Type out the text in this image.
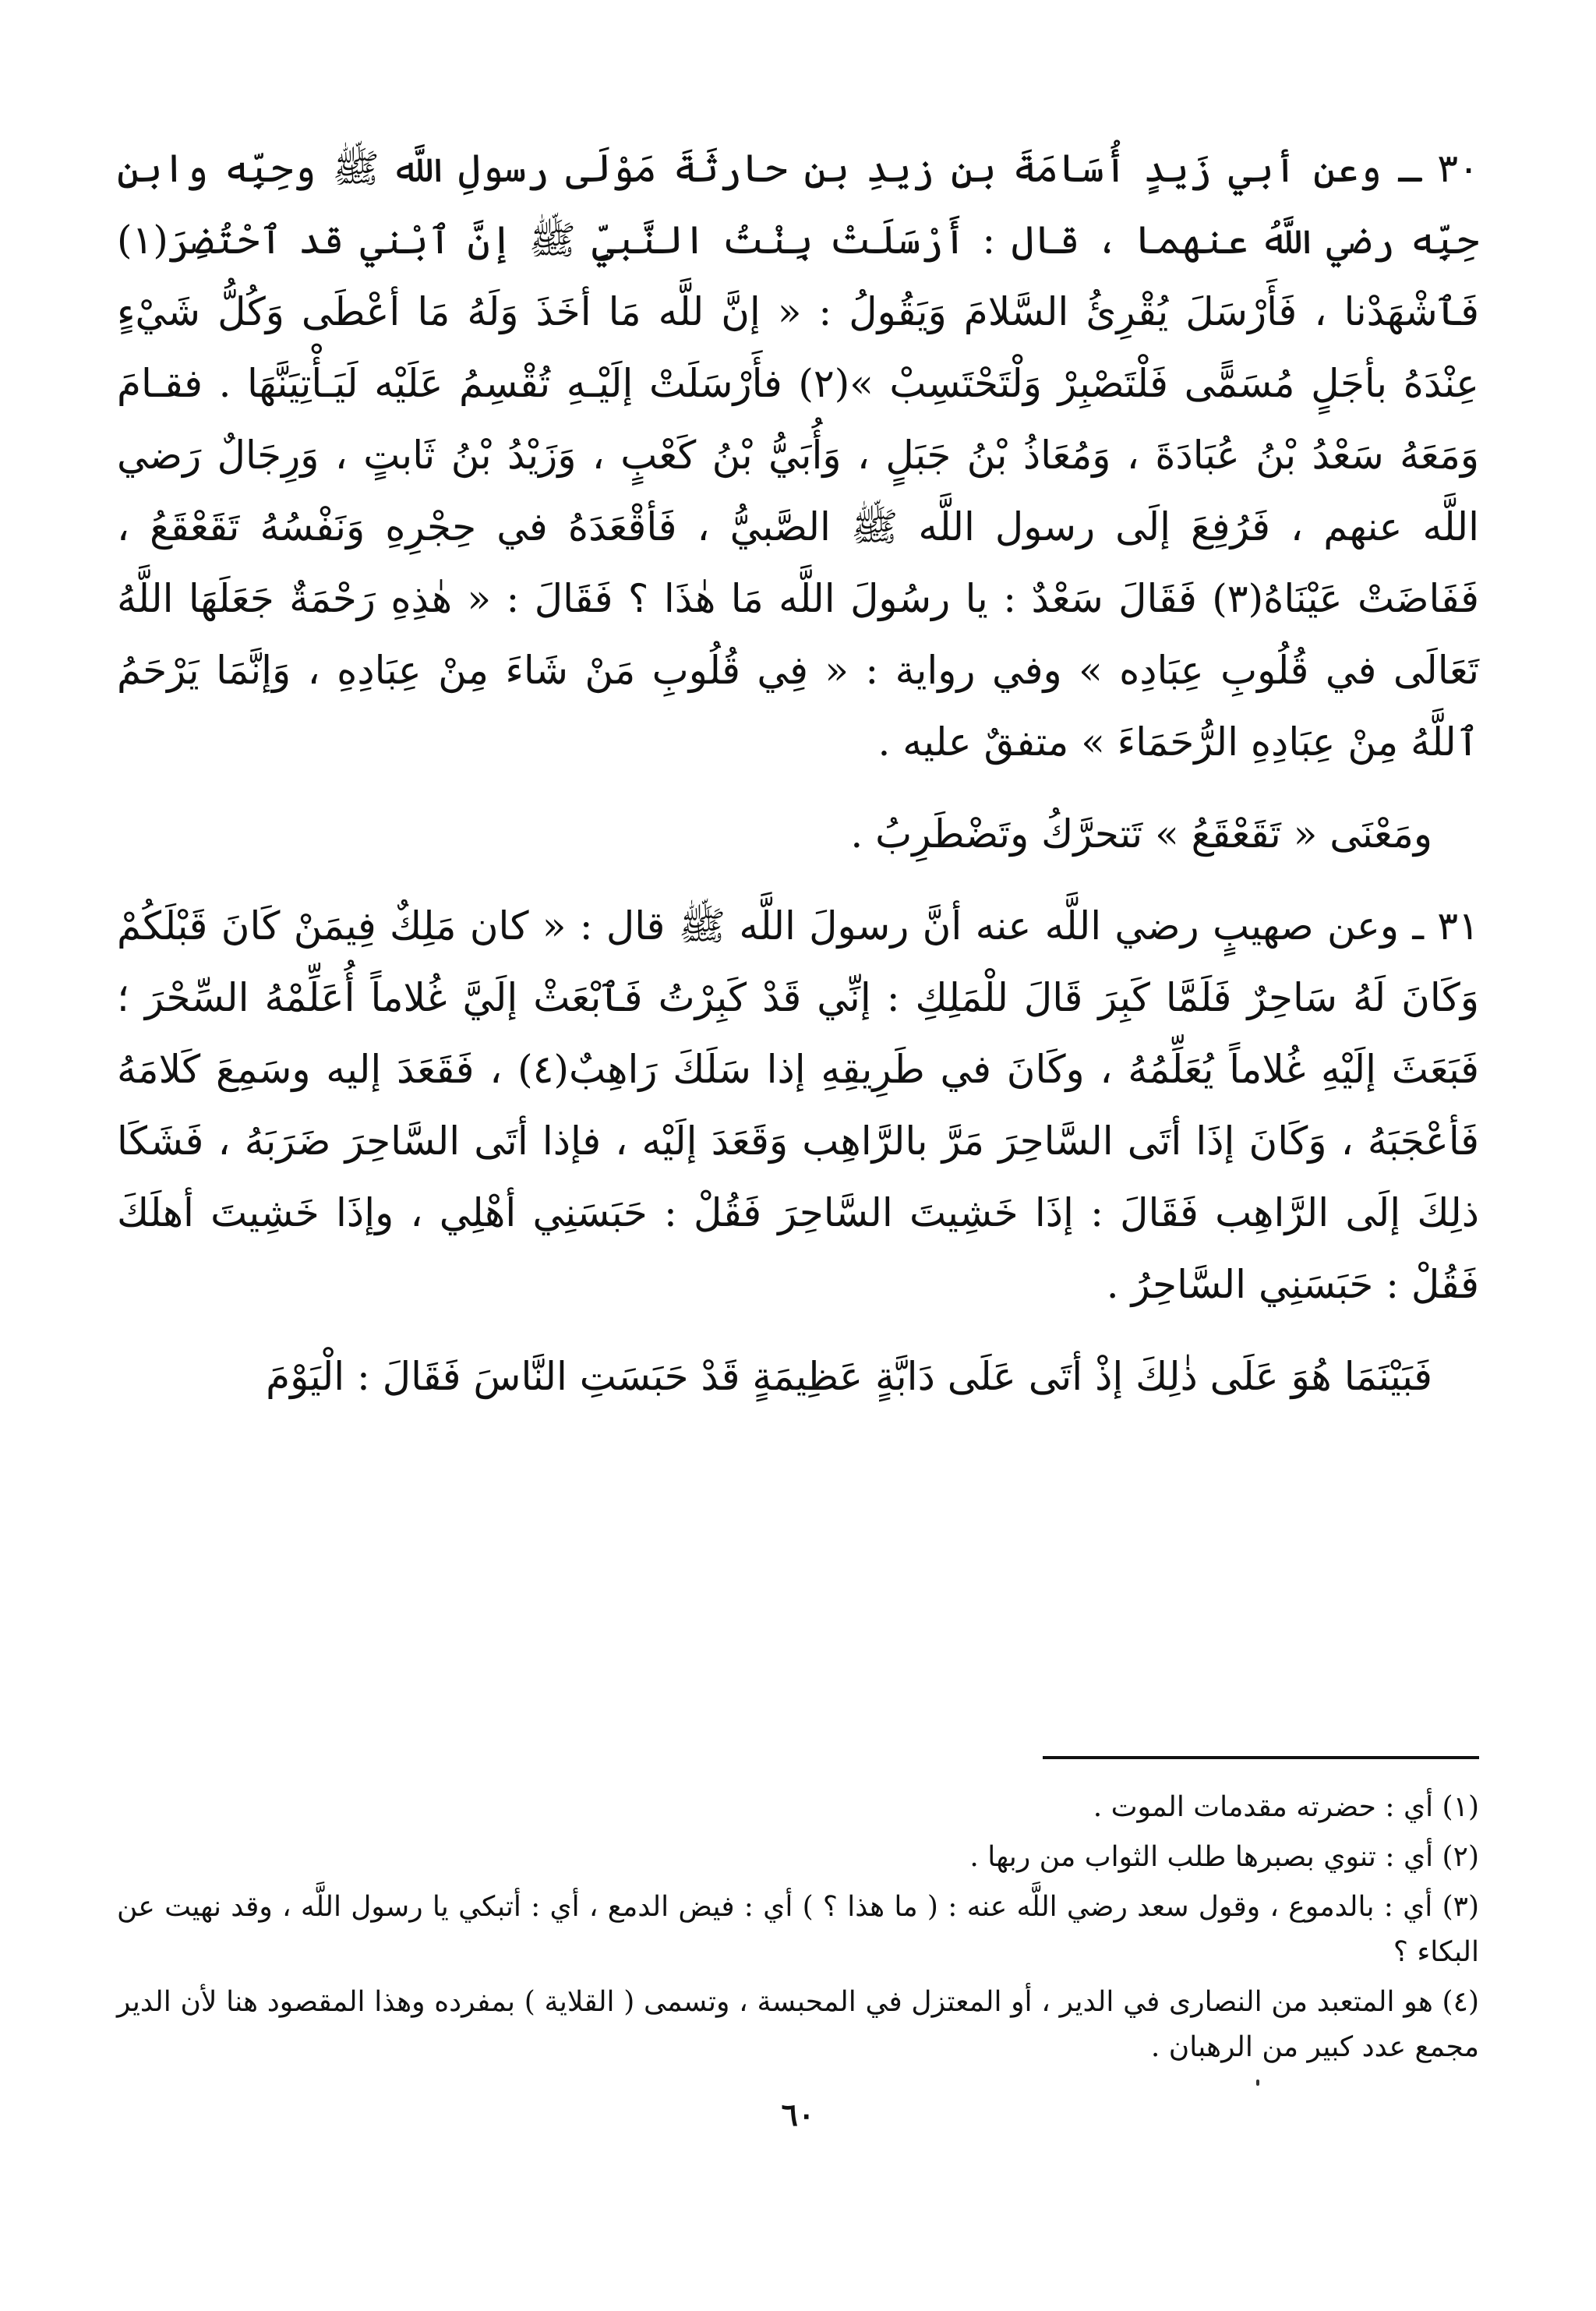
٣٠ ـ وعن أبي زَيدٍ أُسَامَةَ بنِ زيدِ بنِ حارثَةَ مَوْلَى رسولِ اللَّه ﷺ وحِبِّه وابنِ حِبِّه رضي اللَّهُ عنهما ، قال : أَرْسَلَتْ بِنْتُ النَّبيِّ ﷺ إنَّ ٱبْني قد ٱحْتُضِرَ(١) فَٱشْهَدْنا ، فَأَرْسَلَ يُقْرِئُ السَّلامَ وَيَقُولُ : « إنَّ للَّه مَا أخَذَ وَلَهُ مَا أعْطَى وَكُلُّ شَيْءٍ عِنْدَهُ بأجَلٍ مُسَمًّى فَلْتَصْبِرْ وَلْتَحْتَسِبْ »(٢) فأَرْسَلَتْ إلَيْـهِ تُقْسِمُ عَلَيْه لَيَـأْتِيَنَّهَا . فقـامَ وَمَعَهُ سَعْدُ بْنُ عُبَادَةَ ، وَمُعَاذُ بْنُ جَبَلٍ ، وَأُبَيُّ بْنُ كَعْبٍ ، وَزَيْدُ بْنُ ثَابتٍ ، وَرِجَالٌ رَضي اللَّه عنهم ، فَرُفِعَ إلَى رسول اللَّه ﷺ الصَّبيُّ ، فَأقْعَدَهُ في حِجْرِهِ وَنَفْسُهُ تَقَعْقَعُ ، فَفَاضَتْ عَيْنَاهُ(٣) فَقَالَ سَعْدٌ : يا رسُولَ اللَّه مَا هٰذَا ؟ فَقَالَ : « هٰذِهِ رَحْمَةٌ جَعَلَهَا اللَّهُ تَعَالَى في قُلُوبِ عِبَادِه » وفي رواية : « فِي قُلُوبِ مَنْ شَاءَ مِنْ عِبَادِهِ ، وَإنَّمَا يَرْحَمُ ٱللَّهُ مِنْ عِبَادِهِ الرُّحَمَاءَ » متفقٌ عليه .

ومَعْنَى « تَقَعْقَعُ » تَتحرَّكُ وتَضْطَرِبُ .

٣١ ـ وعن صهيبٍ رضي اللَّه عنه أنَّ رسولَ اللَّه ﷺ قال : « كان مَلِكٌ فِيمَنْ كَانَ قَبْلَكُمْ وَكَانَ لَهُ سَاحِرٌ فَلَمَّا كَبِرَ قَالَ للْمَلِكِ : إنِّي قَدْ كَبِرْتُ فَٱبْعَثْ إلَيَّ غُلاماً أُعَلِّمْهُ السِّحْرَ ؛ فَبَعَثَ إلَيْهِ غُلاماً يُعَلِّمُهُ ، وكَانَ في طَرِيقِهِ إذا سَلَكَ رَاهِبٌ(٤) ، فَقَعَدَ إليه وسَمِعَ كَلامَهُ فَأعْجَبَهُ ، وَكَانَ إذَا أتَى السَّاحِرَ مَرَّ بالرَّاهِب وَقَعَدَ إلَيْه ، فإذا أتَى السَّاحِرَ ضَرَبَهُ ، فَشَكَا ذلِكَ إلَى الرَّاهِب فَقَالَ : إذَا خَشِيتَ السَّاحِرَ فَقُلْ : حَبَسَنِي أهْلِي ، وإذَا خَشِيتَ أهلَكَ فَقُلْ : حَبَسَنِي السَّاحِرُ .

فَبَيْنَمَا هُوَ عَلَى ذٰلِكَ إذْ أتَى عَلَى دَابَّةٍ عَظِيمَةٍ قَدْ حَبَسَتِ النَّاسَ فَقَالَ : الْيَوْمَ

(١) أي : حضرته مقدمات الموت .
(٢) أي : تنوي بصبرها طلب الثواب من ربها .
(٣) أي : بالدموع ، وقول سعد رضي اللَّه عنه : ( ما هذا ؟ ) أي : فيض الدمع ، أي : أتبكي يا رسول اللَّه ، وقد نهيت عن البكاء ؟
(٤) هو المتعبد من النصارى في الدير ، أو المعتزل في المحبسة ، وتسمى ( القلاية ) بمفرده وهذا المقصود هنا لأن الدير مجمع عدد كبير من الرهبان .
٦٠
